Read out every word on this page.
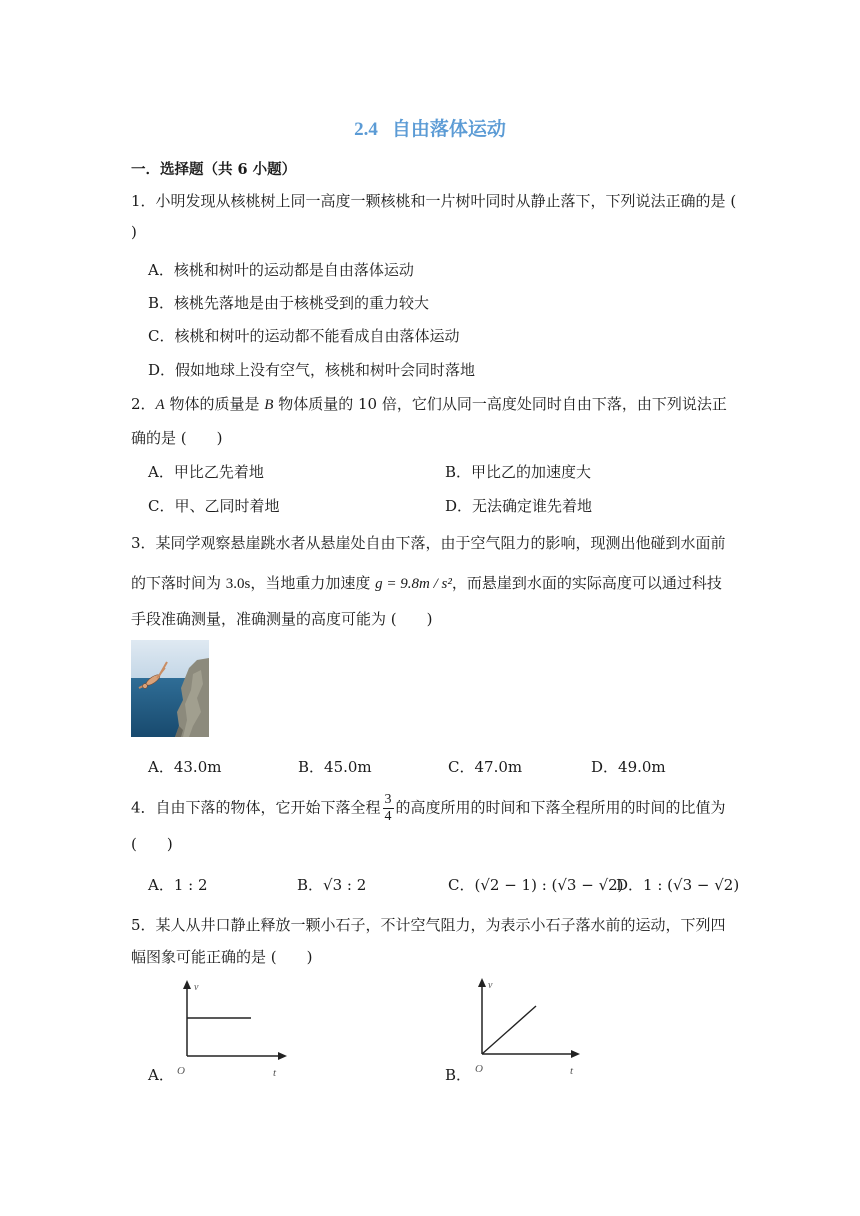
2.4 自由落体运动
一．选择题（共 6 小题）
1．小明发现从核桃树上同一高度一颗核桃和一片树叶同时从静止落下，下列说法正确的是 (
)
A．核桃和树叶的运动都是自由落体运动
B．核桃先落地是由于核桃受到的重力较大
C．核桃和树叶的运动都不能看成自由落体运动
D．假如地球上没有空气，核桃和树叶会同时落地
2．A 物体的质量是 B 物体质量的 10 倍，它们从同一高度处同时自由下落，由下列说法正
确的是 (　　)
A．甲比乙先着地	B．甲比乙的加速度大
C．甲、乙同时着地	D．无法确定谁先着地
3．某同学观察悬崖跳水者从悬崖处自由下落，由于空气阻力的影响，现测出他碰到水面前
的下落时间为 3.0s，当地重力加速度 g = 9.8m / s²，而悬崖到水面的实际高度可以通过科技
手段准确测量，准确测量的高度可能为 (　　)
A．43.0m	B．45.0m	C．47.0m	D．49.0m
4．自由下落的物体，它开始下落全程 $\frac{3}{4}$ 的高度所用的时间和下落全程所用的时间的比值为
(　　)
A．1 : 2	B．√3 : 2	C．(√2 − 1) : (√3 − √2)
D．1 : (√3 − √2)
5．某人从井口静止释放一颗小石子，不计空气阻力，为表示小石子落水前的运动，下列四
幅图象可能正确的是 (　　)
v
t
O
A．
v
t
O
B．
